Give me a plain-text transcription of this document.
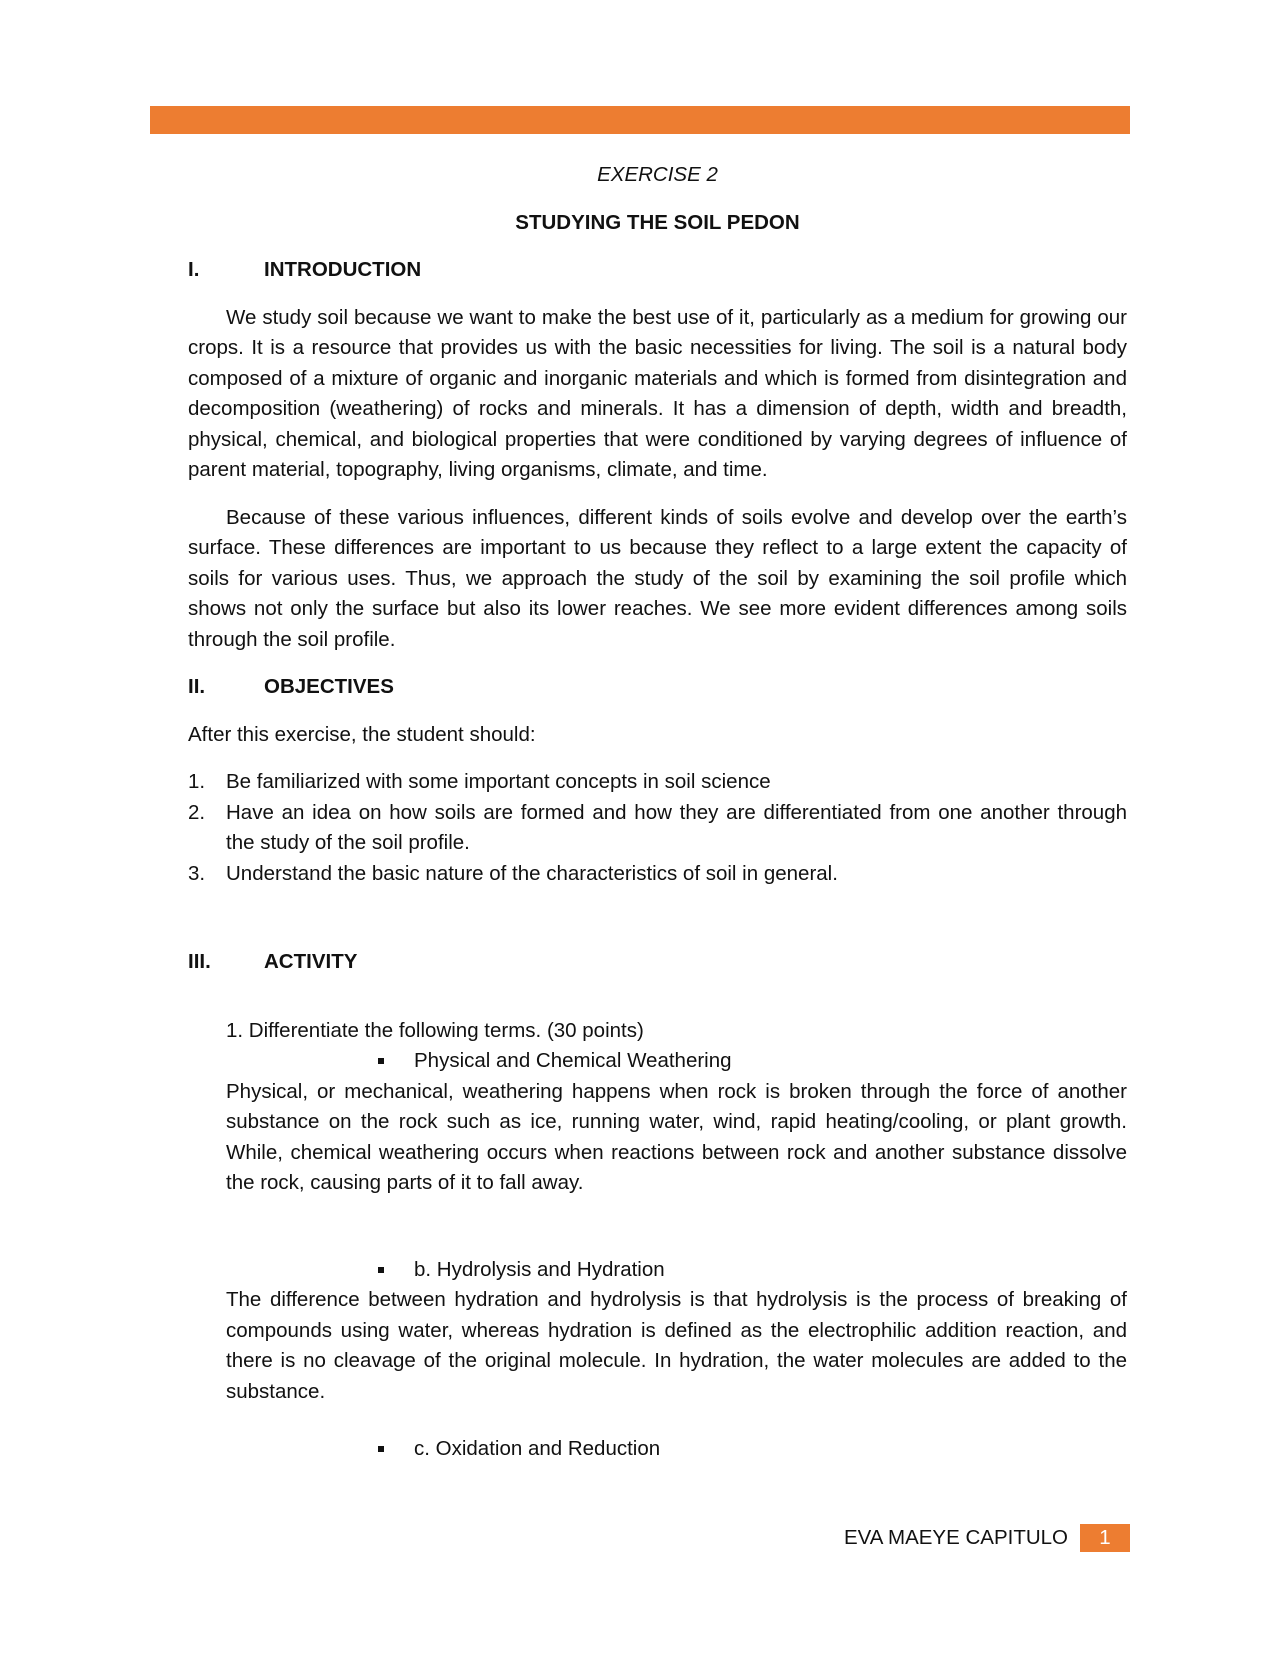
EXERCISE 2

STUDYING THE SOIL PEDON

I.	INTRODUCTION

We study soil because we want to make the best use of it, particularly as a medium for growing our crops. It is a resource that provides us with the basic necessities for living. The soil is a natural body composed of a mixture of organic and inorganic materials and which is formed from disintegration and decomposition (weathering) of rocks and minerals. It has a dimension of depth, width and breadth, physical, chemical, and biological properties that were conditioned by varying degrees of influence of parent material, topography, living organisms, climate, and time.

Because of these various influences, different kinds of soils evolve and develop over the earth’s surface. These differences are important to us because they reflect to a large extent the capacity of soils for various uses. Thus, we approach the study of the soil by examining the soil profile which shows not only the surface but also its lower reaches. We see more evident differences among soils through the soil profile.

II.	OBJECTIVES

After this exercise, the student should:

1.	Be familiarized with some important concepts in soil science
2.	Have an idea on how soils are formed and how they are differentiated from one another through the study of the soil profile.
3.	Understand the basic nature of the characteristics of soil in general.
III.	ACTIVITY

1. Differentiate the following terms. (30 points)

Physical and Chemical Weathering

Physical, or mechanical, weathering happens when rock is broken through the force of another substance on the rock such as ice, running water, wind, rapid heating/cooling, or plant growth. While, chemical weathering occurs when reactions between rock and another substance dissolve the rock, causing parts of it to fall away.

b. Hydrolysis and Hydration

The difference between hydration and hydrolysis is that hydrolysis is the process of breaking of compounds using water, whereas hydration is defined as the electrophilic addition reaction, and there is no cleavage of the original molecule. In hydration, the water molecules are added to the substance.

c. Oxidation and Reduction
EVA MAEYE CAPITULO	1
